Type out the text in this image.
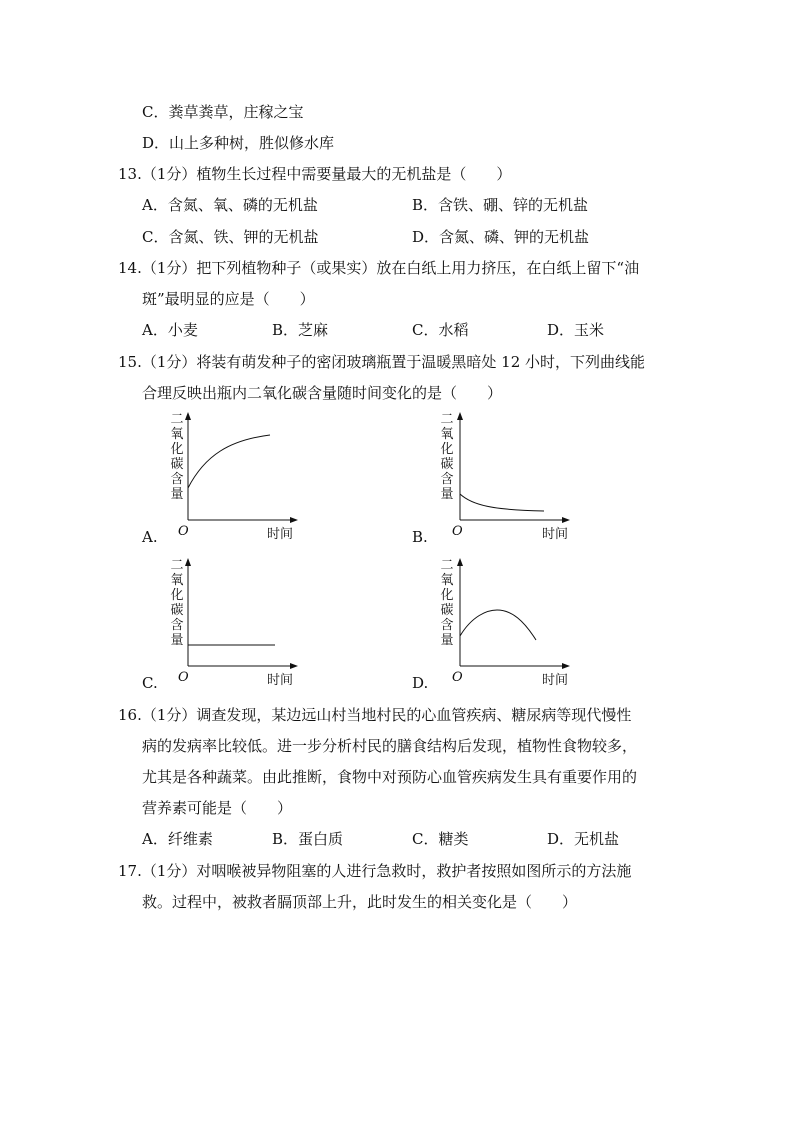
C．粪草粪草，庄稼之宝
D．山上多种树，胜似修水库
13.（1分）植物生长过程中需要量最大的无机盐是（　　）
A．含氮、氧、磷的无机盐	B．含铁、硼、锌的无机盐
C．含氮、铁、钾的无机盐	D．含氮、磷、钾的无机盐
14.（1分）把下列植物种子（或果实）放在白纸上用力挤压，在白纸上留下“油
斑”最明显的应是（　　）
A．小麦	B．芝麻	C．水稻	D．玉米
15.（1分）将装有萌发种子的密闭玻璃瓶置于温暖黑暗处 12 小时，下列曲线能
合理反映出瓶内二氧化碳含量随时间变化的是（　　）
A.
二氧化碳含量
O	时间	B.
二氧化碳含量
O	时间
C.
二氧化碳含量
O	时间	D.
二氧化碳含量
O	时间
16.（1分）调查发现，某边远山村当地村民的心血管疾病、糖尿病等现代慢性
病的发病率比较低。进一步分析村民的膳食结构后发现，植物性食物较多，
尤其是各种蔬菜。由此推断，食物中对预防心血管疾病发生具有重要作用的
营养素可能是（　　）
A．纤维素	B．蛋白质	C．糖类	D．无机盐
17.（1分）对咽喉被异物阻塞的人进行急救时，救护者按照如图所示的方法施
救。过程中，被救者膈顶部上升，此时发生的相关变化是（　　）
